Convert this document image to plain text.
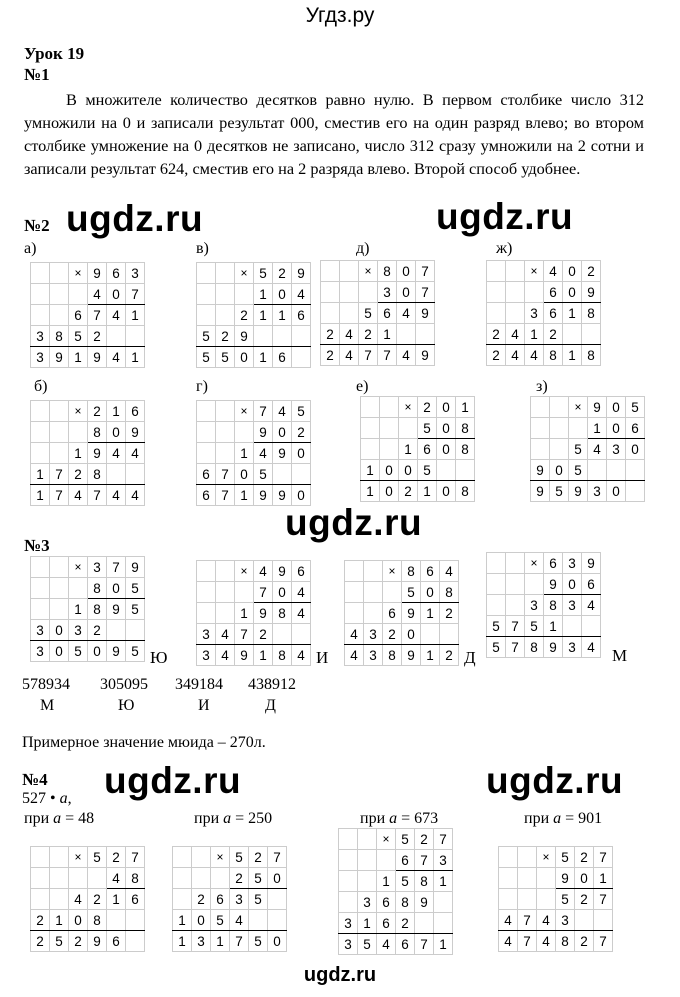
Угдз.ру
Урок 19
№1
В множителе количество десятков равно нулю. В первом столбике число 312 умножили на 0 и записали результат 000, сместив его на один разряд влево; во втором столбике умножение на 0 десятков не записано, число 312 сразу умножили на 2 сотни и записали результат 624, сместив его на 2 разряда влево. Второй способ удобнее.
ugdz.ru	ugdz.ru
ugdz.ru
ugdz.ru	ugdz.ru
№2
а)
		×	9	6	3
			4	0	7
		6	7	4	1
3	8	5	2		
3	9	1	9	4	1
в)
		×	5	2	9
			1	0	4
		2	1	1	6
5	2	9			
5	5	0	1	6	
д)
		×	8	0	7
			3	0	7
		5	6	4	9
2	4	2	1		
2	4	7	7	4	9
ж)
		×	4	0	2
			6	0	9
		3	6	1	8
2	4	1	2		
2	4	4	8	1	8
б)
		×	2	1	6
			8	0	9
		1	9	4	4
1	7	2	8		
1	7	4	7	4	4
г)
		×	7	4	5
			9	0	2
		1	4	9	0
6	7	0	5		
6	7	1	9	9	0
е)
		×	2	0	1
			5	0	8
		1	6	0	8
1	0	0	5		
1	0	2	1	0	8
з)
		×	9	0	5
			1	0	6
		5	4	3	0
9	0	5			
9	5	9	3	0	
№3
		×	3	7	9
			8	0	5
		1	8	9	5
3	0	3	2		
3	0	5	0	9	5 Ю
		×	4	9	6
			7	0	4
		1	9	8	4
3	4	7	2		
3	4	9	1	8	4 И
		×	8	6	4
			5	0	8
		6	9	1	2
4	3	2	0		
4	3	8	9	1	2 Д
		×	6	3	9
			9	0	6
		3	8	3	4
5	7	5	1		
5	7	8	9	3	4 М
578934
М
305095
Ю
349184
И
438912
Д
Примерное значение мюида – 270л.
№4
527 • a,
при a = 48
		×	5	2	7
				4	8
		4	2	1	6
2	1	0	8		
2	5	2	9	6	
при a = 250
		×	5	2	7
			2	5	0
	2	6	3	5	
1	0	5	4		
1	3	1	7	5	0
при a = 673
		×	5	2	7
			6	7	3
		1	5	8	1
	3	6	8	9	
3	1	6	2		
3	5	4	6	7	1
при a = 901
		×	5	2	7
			9	0	1
			5	2	7
4	7	4	3		
4	7	4	8	2	7
ugdz.ru
